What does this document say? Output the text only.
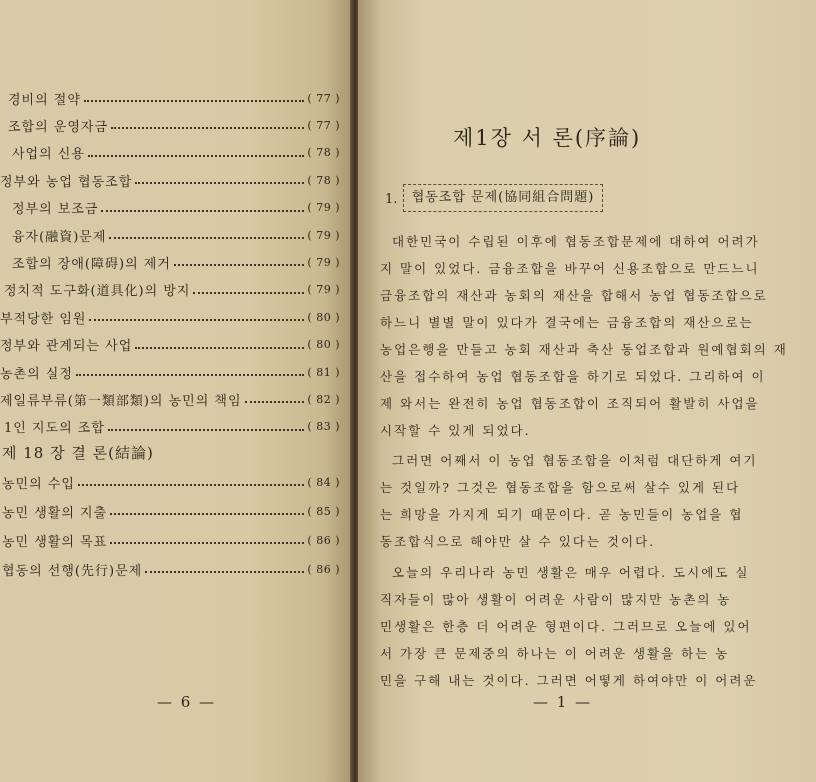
경비의 절약	( 77 )
조합의 운영자금	( 77 )
사업의 신용	( 78 )
정부와 농업 협동조합	( 78 )
정부의 보조금	( 79 )
융자(融資)문제	( 79 )
조합의 장애(障碍)의 제거	( 79 )
정치적 도구화(道具化)의 방지	( 79 )
부적당한 임원	( 80 )
정부와 관계되는 사업	( 80 )
농촌의 실정	( 81 )
제일류부류(第一類部類)의 농민의 책임	( 82 )
1인 지도의 조합	( 83 )
제 18 장 결 론(結論)
농민의 수입	( 84 )
농민 생활의 지출	( 85 )
농민 생활의 목표	( 86 )
협동의 선행(先行)문제	( 86 )
— 6 —
제1장 서 론(序論)
1.	협동조합 문제(協同組合問題)
대한민국이 수립된 이후에 협동조합문제에 대하여 어려가
지 말이 있었다. 금융조합을 바꾸어 신용조합으로 만드느니
금융조합의 재산과 농회의 재산을 합해서 농업 협동조합으로
하느니 별별 말이 있다가 결국에는 금융조합의 재산으로는
농업은행을 만들고 농회 재산과 축산 동업조합과 원예협회의 재
산을 접수하여 농업 협동조합을 하기로 되었다. 그리하여 이
제 와서는 완전히 농업 협동조합이 조직되어 활발히 사업을
시작할 수 있게 되었다.
그러면 어째서 이 농업 협동조합을 이처럼 대단하게 여기
는 것일까? 그것은 협동조합을 함으로써 살수 있게 된다
는 희망을 가지게 되기 때문이다. 곧 농민들이 농업을 협
동조합식으로 해야만 살 수 있다는 것이다.
오늘의 우리나라 농민 생활은 매우 어렵다. 도시에도 실
직자들이 많아 생활이 어려운 사람이 많지만 농촌의 농
민생활은 한층 더 어려운 형편이다. 그러므로 오늘에 있어
서 가장 큰 문제중의 하나는 이 어려운 생활을 하는 농
민을 구해 내는 것이다. 그러면 어떻게 하여야만 이 어려운
— 1 —
